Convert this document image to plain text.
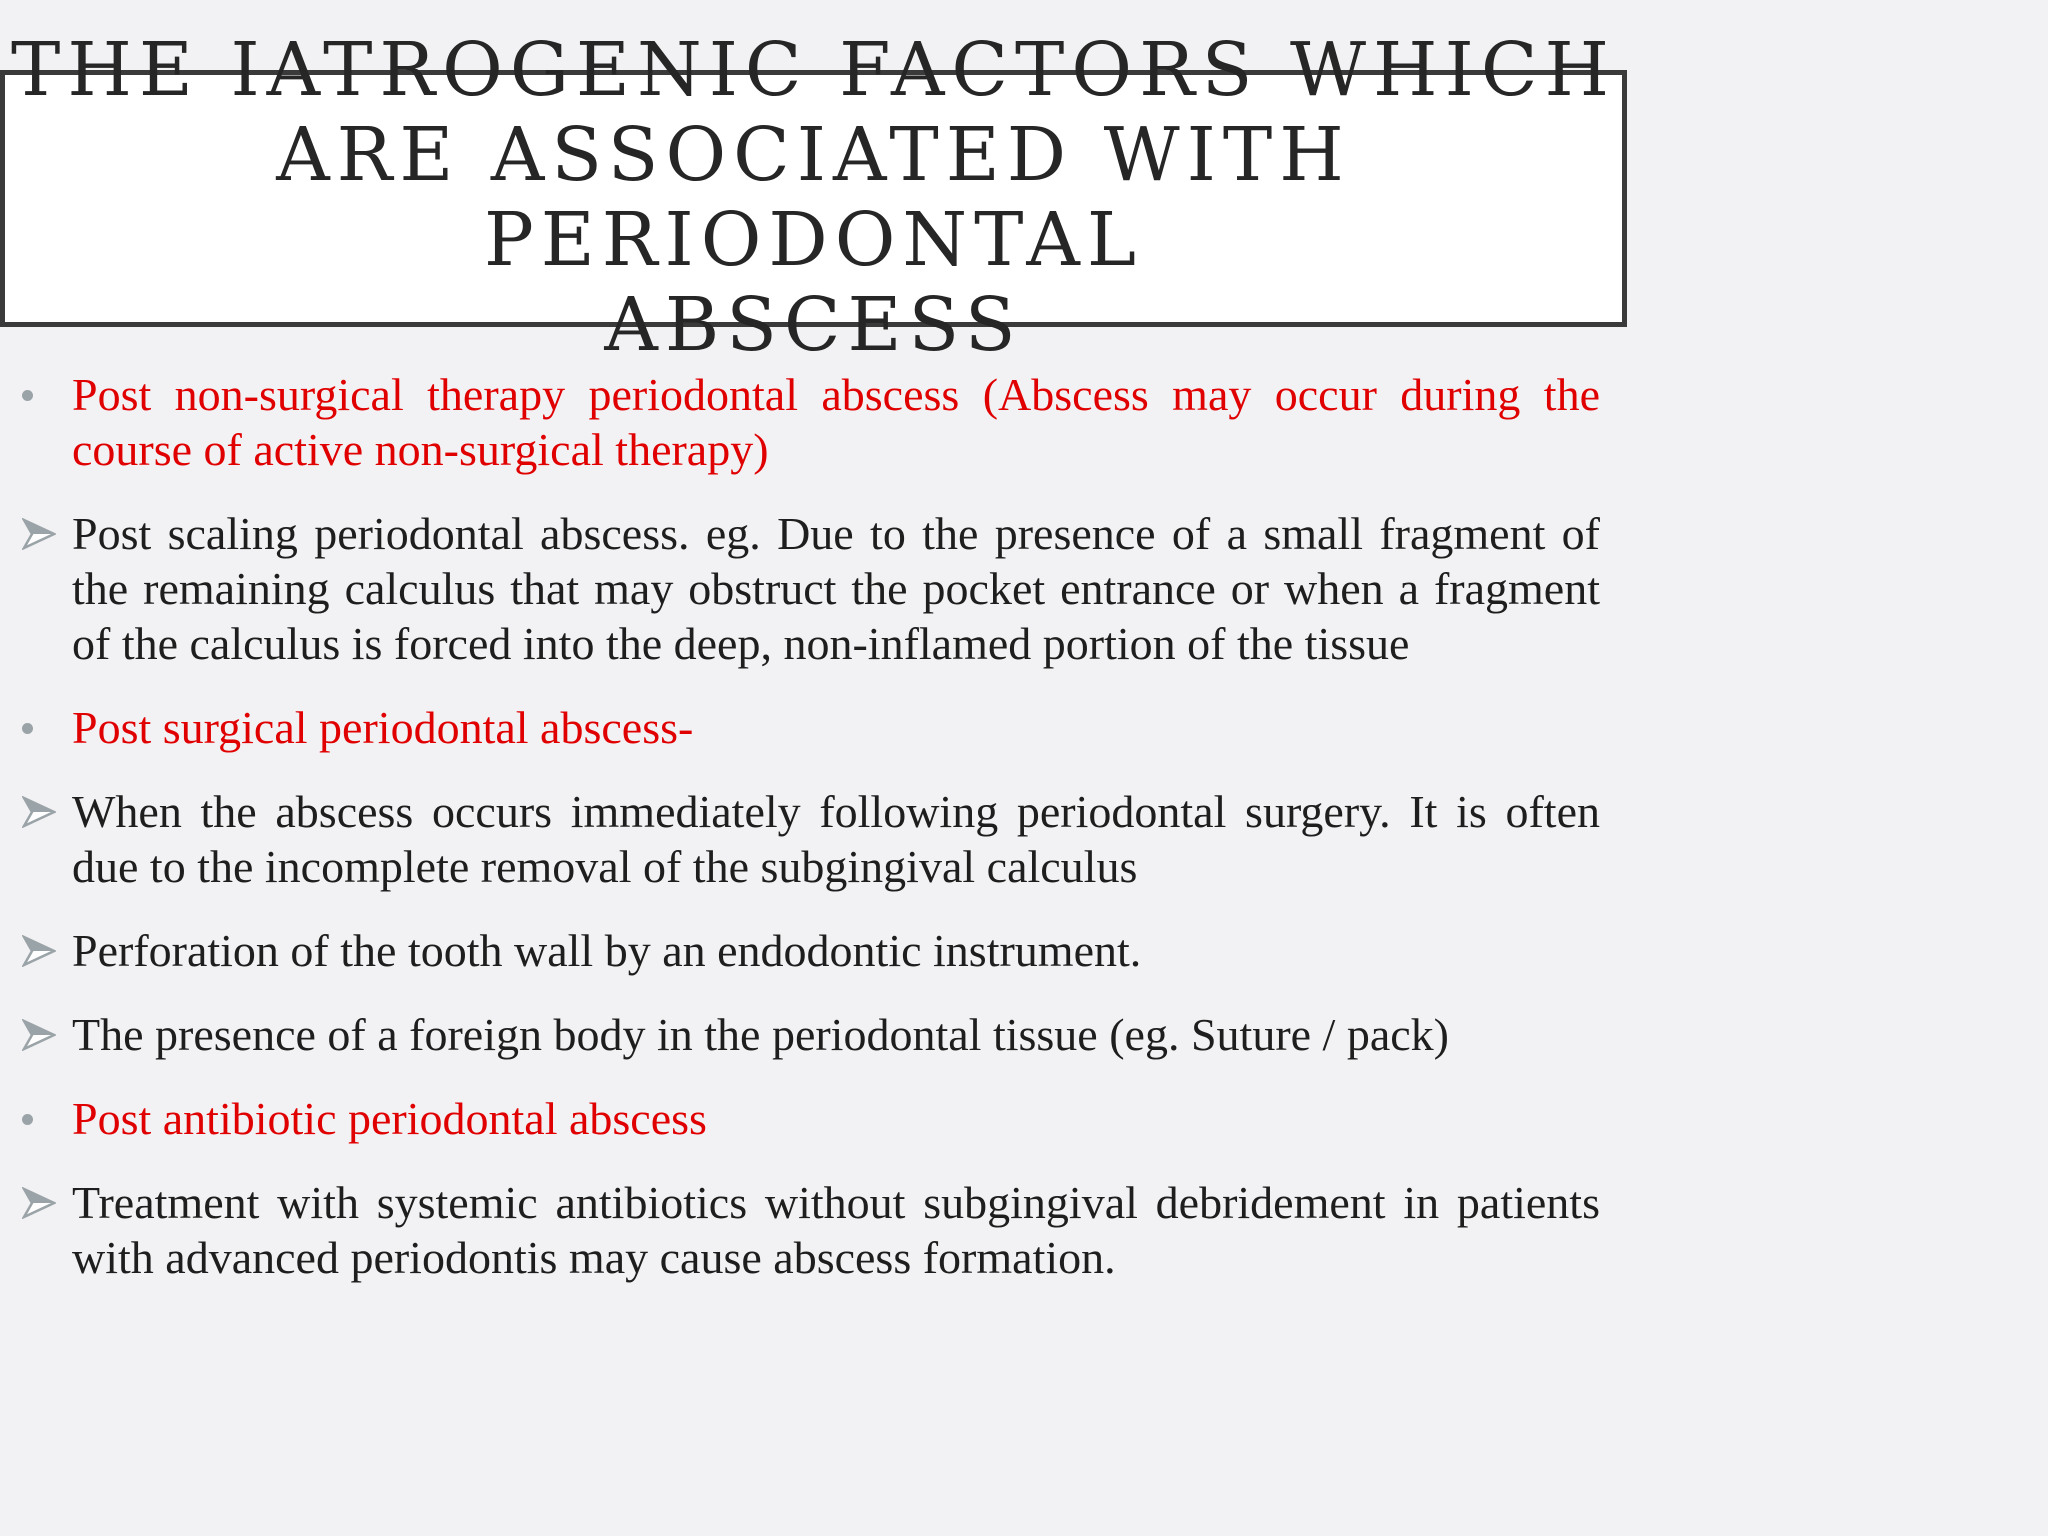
THE IATROGENIC FACTORS WHICH
ARE ASSOCIATED WITH
PERIODONTAL
ABSCESS
Post non-surgical therapy periodontal abscess (Abscess may occur during the course of active non-surgical therapy)
Post scaling periodontal abscess. eg. Due to the presence of a small fragment of the remaining calculus that may obstruct the pocket entrance or when a fragment of the calculus is forced into the deep, non-inflamed portion of the tissue
Post surgical periodontal abscess-
When the abscess occurs immediately following periodontal surgery. It is often due to the incomplete removal of the subgingival calculus
Perforation of the tooth wall by an endodontic instrument.
The presence of a foreign body in the periodontal tissue (eg. Suture / pack)
Post antibiotic periodontal abscess
Treatment with systemic antibiotics without subgingival debridement in patients with advanced periodontis may cause abscess formation.
